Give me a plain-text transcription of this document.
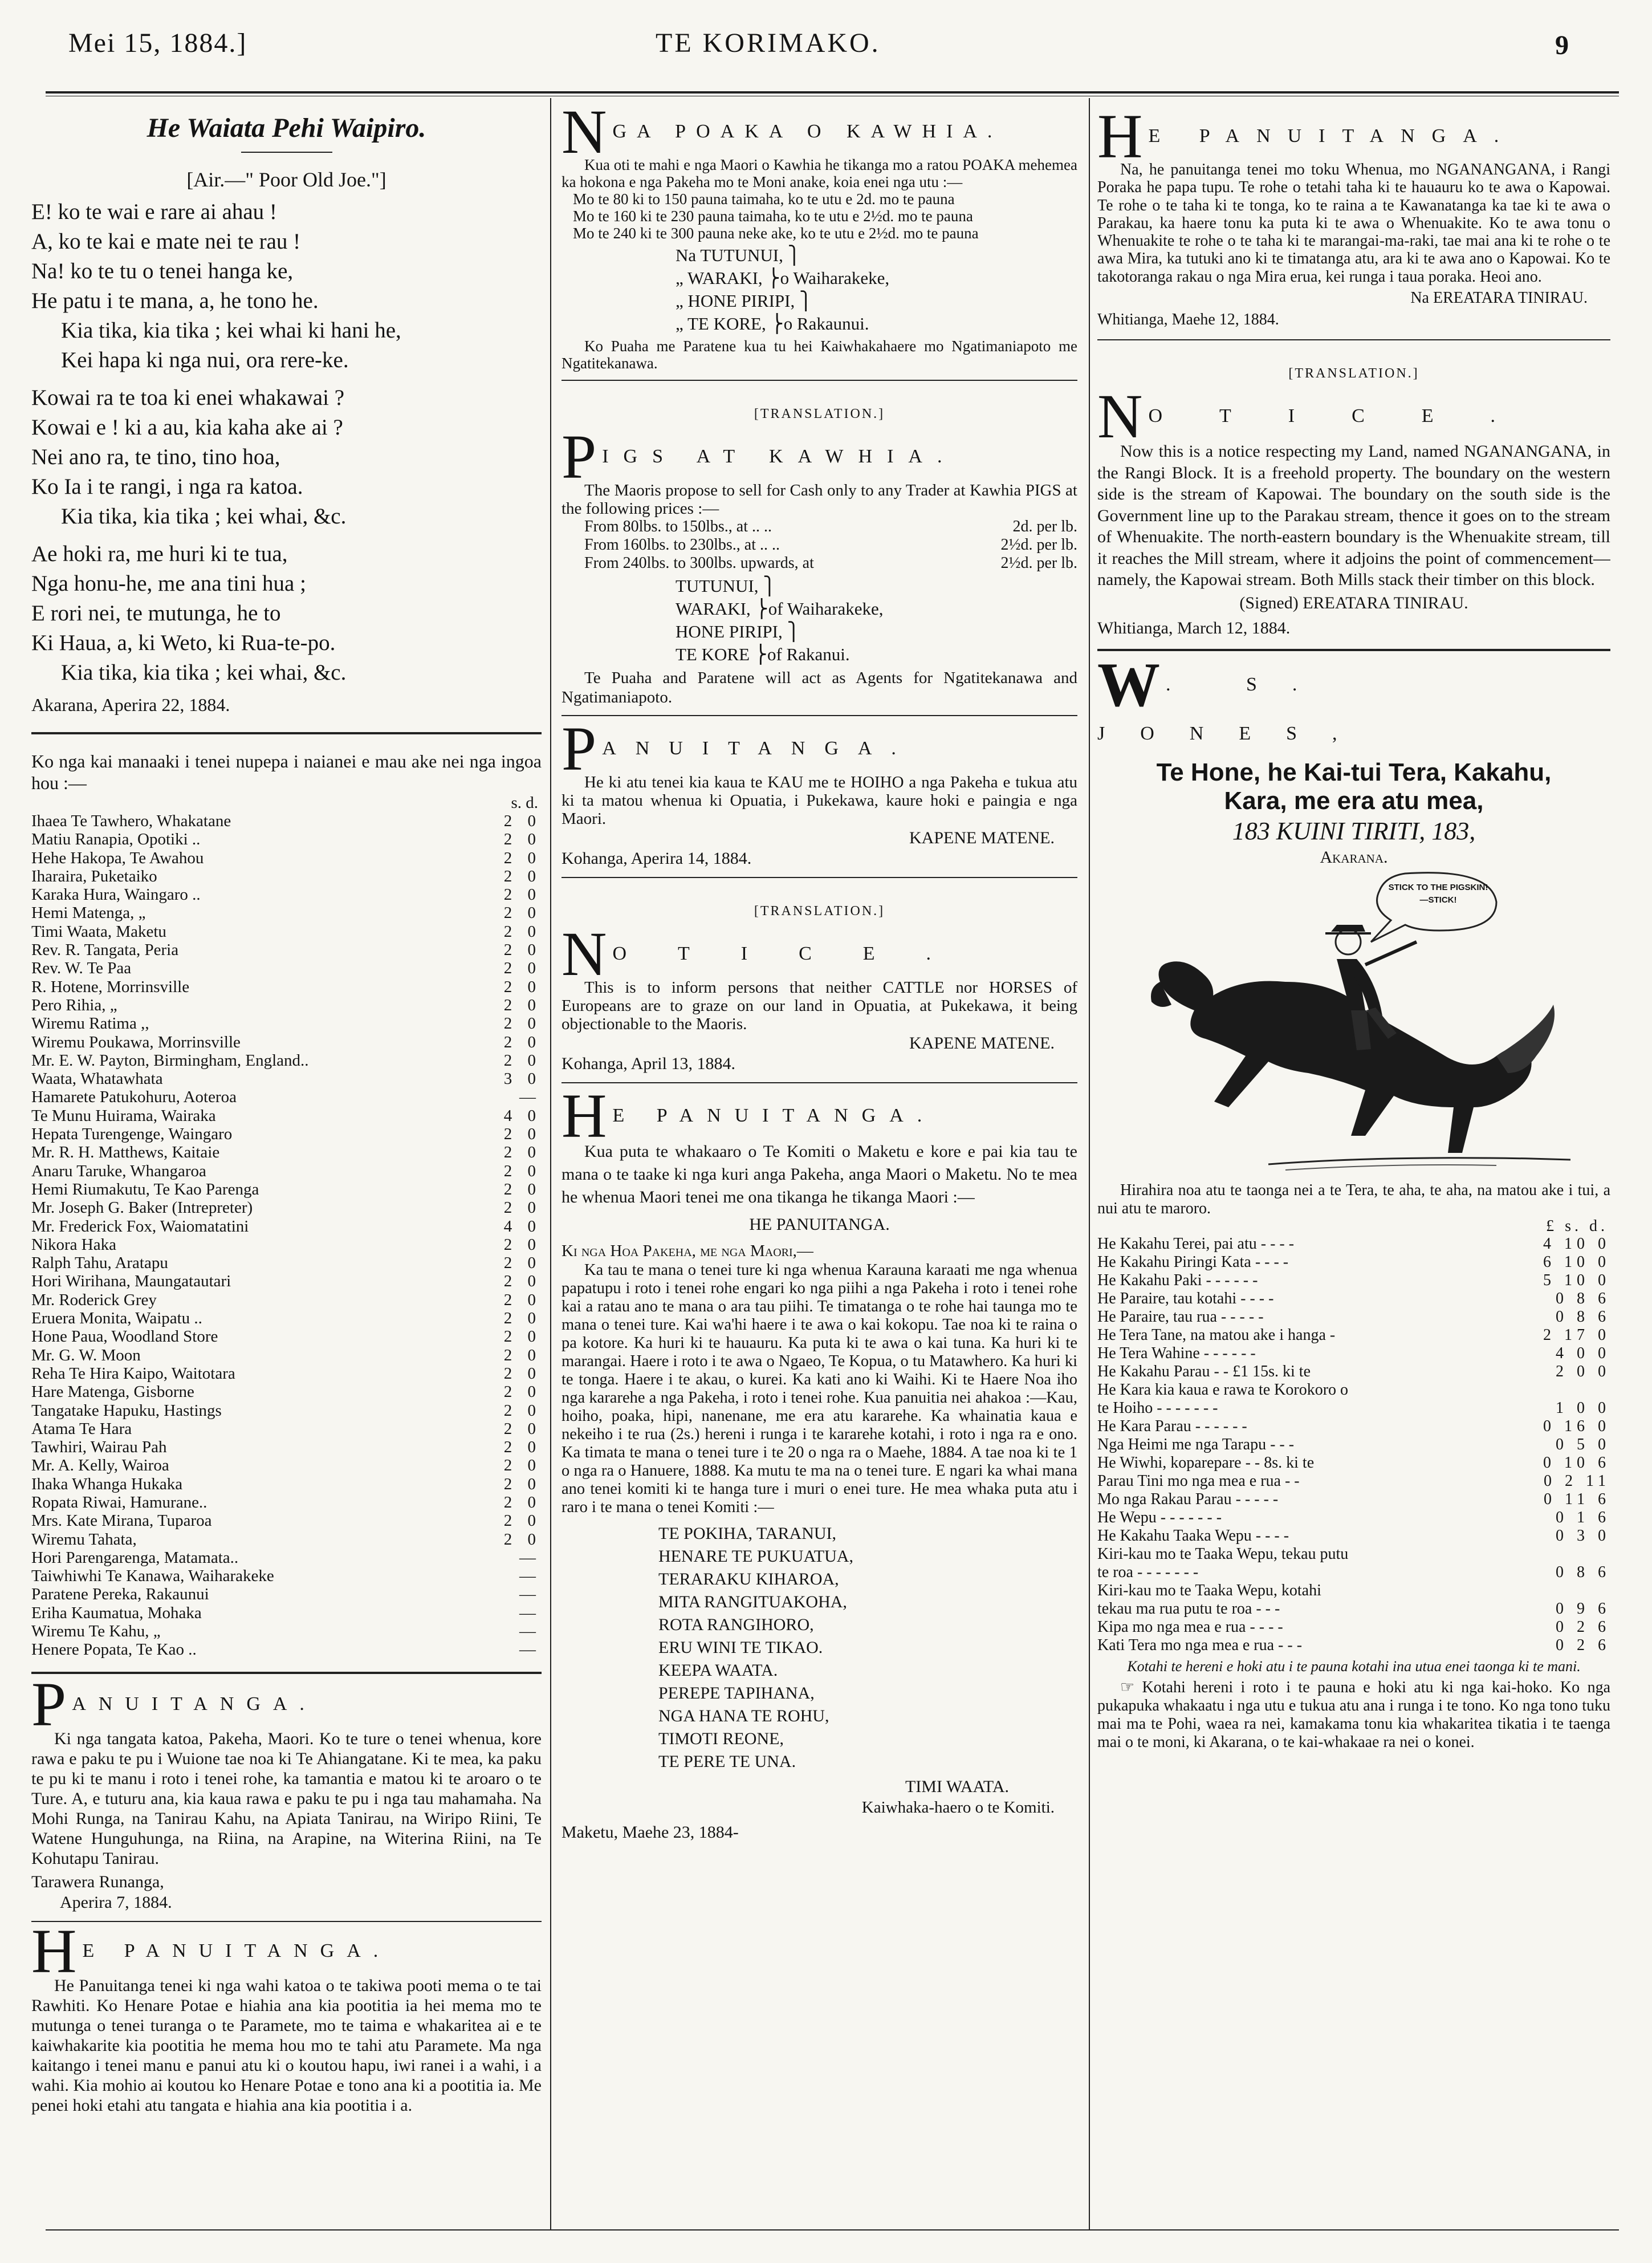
Mei 15, 1884.]	TE KORIMAKO.	9
He Waiata Pehi Waipiro.
[Air.—" Poor Old Joe."]

E! ko te wai e rare ai ahau !

A, ko te kai e mate nei te rau !

Na! ko te tu o tenei hanga ke,

He patu i te mana, a, he tono he.

Kia tika, kia tika ; kei whai ki hani he,

Kei hapa ki nga nui, ora rere-ke.

Kowai ra te toa ki enei whakawai ?

Kowai e ! ki a au, kia kaha ake ai ?

Nei ano ra, te tino, tino hoa,

Ko Ia i te rangi, i nga ra katoa.

Kia tika, kia tika ; kei whai, &c.

Ae hoki ra, me huri ki te tua,

Nga honu-he, me ana tini hua ;

E rori nei, te mutunga, he to

Ki Haua, a, ki Weto, ki Rua-te-po.

Kia tika, kia tika ; kei whai, &c.

Akarana, Aperira 22, 1884.
Ko nga kai manaaki i tenei nupepa i naianei e mau ake nei nga ingoa hou :—
s. d.
Ihaea Te Tawhero, Whakatane	2 0
Matiu Ranapia, Opotiki ..	2 0
Hehe Hakopa, Te Awahou	2 0
Iharaira, Puketaiko	2 0
Karaka Hura, Waingaro ..	2 0
Hemi Matenga, „	2 0
Timi Waata, Maketu	2 0
Rev. R. Tangata, Peria	2 0
Rev. W. Te Paa	2 0
R. Hotene, Morrinsville	2 0
Pero Rihia, „	2 0
Wiremu Ratima ,,	2 0
Wiremu Poukawa, Morrinsville	2 0
Mr. E. W. Payton, Birmingham, England..	2 0
Waata, Whatawhata	3 0
Hamarete Patukohuru, Aoteroa	—
Te Munu Huirama, Wairaka	4 0
Hepata Turengenge, Waingaro	2 0
Mr. R. H. Matthews, Kaitaie	2 0
Anaru Taruke, Whangaroa	2 0
Hemi Riumakutu, Te Kao Parenga	2 0
Mr. Joseph G. Baker (Intrepreter)	2 0
Mr. Frederick Fox, Waiomatatini	4 0
Nikora Haka	2 0
Ralph Tahu, Aratapu	2 0
Hori Wirihana, Maungatautari	2 0
Mr. Roderick Grey	2 0
Eruera Monita, Waipatu ..	2 0
Hone Paua, Woodland Store	2 0
Mr. G. W. Moon	2 0
Reha Te Hira Kaipo, Waitotara	2 0
Hare Matenga, Gisborne	2 0
Tangatake Hapuku, Hastings	2 0
Atama Te Hara	2 0
Tawhiri, Wairau Pah	2 0
Mr. A. Kelly, Wairoa	2 0
Ihaka Whanga Hukaka	2 0
Ropata Riwai, Hamurane..	2 0
Mrs. Kate Mirana, Tuparoa	2 0
Wiremu Tahata,	2 0
Hori Parengarenga, Matamata..	—
Taiwhiwhi Te Kanawa, Waiharakeke	—
Paratene Pereka, Rakaunui	—
Eriha Kaumatua, Mohaka	—
Wiremu Te Kahu, „	—
Henere Popata, Te Kao ..	—
P ANUITANGA.

Ki nga tangata katoa, Pakeha, Maori. Ko te ture o tenei whenua, kore rawa e paku te pu i Wuione tae noa ki Te Ahiangatane. Ki te mea, ka paku te pu ki te manu i roto i tenei rohe, ka tamantia e matou ki te aroaro o te Ture. A, e tuturu ana, kia kaua rawa e paku te pu i nga tau mahamaha. Na Mohi Runga, na Tanirau Kahu, na Apiata Tanirau, na Wiripo Riini, Te Watene Hunguhunga, na Riina, na Arapine, na Witerina Riini, na Te Kohutapu Tanirau.

Tarawera Runanga,

Aperira 7, 1884.

H E PANUITANGA.

He Panuitanga tenei ki nga wahi katoa o te takiwa pooti mema o te tai Rawhiti. Ko Henare Potae e hiahia ana kia pootitia ia hei mema mo te mutunga o tenei turanga o te Paramete, mo te taima e whakaritea ai e te kaiwhakarite kia pootitia he mema hou mo te tahi atu Paramete. Ma nga kaitango i tenei manu e panui atu ki o koutou hapu, iwi ranei i a wahi, i a wahi. Kia mohio ai koutou ko Henare Potae e tono ana ki a pootitia ia. Me penei hoki etahi atu tangata e hiahia ana kia pootitia i a.

N GA POAKA O KAWHIA.

Kua oti te mahi e nga Maori o Kawhia he tikanga mo a ratou POAKA mehemea ka hokona e nga Pakeha mo te Moni anake, koia enei nga utu :—

Mo te 80 ki to 150 pauna taimaha, ko te utu e 2d. mo te pauna

Mo te 160 ki te 230 pauna taimaha, ko te utu e 2½d. mo te pauna

Mo te 240 ki te 300 pauna neke ake, ko te utu e 2½d. mo te pauna

Na TUTUNUI, ⎫

„ WARAKI, ⎬o Waiharakeke,

„ HONE PIRIPI, ⎫

„ TE KORE, ⎬o Rakaunui.

Ko Puaha me Paratene kua tu hei Kaiwhakahaere mo Ngatimaniapoto me Ngatitekanawa.

[TRANSLATION.]
P IGS AT KAWHIA.

The Maoris propose to sell for Cash only to any Trader at Kawhia PIGS at the following prices :—

From 80lbs. to 150lbs., at .. ..	2d. per lb.
From 160lbs. to 230lbs., at .. ..	2½d. per lb.
From 240lbs. to 300lbs. upwards, at	2½d. per lb.

TUTUNUI, ⎫

WARAKI, ⎬of Waiharakeke,

HONE PIRIPI, ⎫

TE KORE ⎬of Rakanui.

Te Puaha and Paratene will act as Agents for Ngatitekanawa and Ngatimaniapoto.

P ANUITANGA.

He ki atu tenei kia kaua te KAU me te HOIHO a nga Pakeha e tukua atu ki ta matou whenua ki Opuatia, i Pukekawa, kaure hoki e paingia e nga Maori.

KAPENE MATENE.

Kohanga, Aperira 14, 1884.

[TRANSLATION.]
N OTICE.

This is to inform persons that neither CATTLE nor HORSES of Europeans are to graze on our land in Opuatia, at Pukekawa, it being objectionable to the Maoris.

KAPENE MATENE.

Kohanga, April 13, 1884.

H E PANUITANGA.

Kua puta te whakaaro o Te Komiti o Maketu e kore e pai kia tau te mana o te taake ki nga kuri anga Pakeha, anga Maori o Maketu. No te mea he whenua Maori tenei me ona tikanga he tikanga Maori :—

HE PANUITANGA.

Ki nga Hoa Pakeha, me nga Maori,—

Ka tau te mana o tenei ture ki nga whenua Karauna karaati me nga whenua papatupu i roto i tenei rohe engari ko nga piihi a nga Pakeha i roto i tenei rohe kai a ratau ano te mana o ara tau piihi. Te timatanga o te rohe hai taunga mo te mana o tenei ture. Kai wa'hi haere i te awa o kai kokopu. Tae noa ki te raina o pa kotore. Ka huri ki te hauauru. Ka puta ki te awa o kai tuna. Ka huri ki te marangai. Haere i roto i te awa o Ngaeo, Te Kopua, o tu Matawhero. Ka huri ki te tonga. Haere i te akau, o kurei. Ka kati ano ki Waihi. Ki te Haere Noa iho nga kararehe a nga Pakeha, i roto i tenei rohe. Kua panuitia nei ahakoa :—Kau, hoiho, poaka, hipi, nanenane, me era atu kararehe. Ka whainatia kaua e nekeiho i te rua (2s.) hereni i runga i te kararehe kotahi, i roto i nga ra e ono. Ka timata te mana o tenei ture i te 20 o nga ra o Maehe, 1884. A tae noa ki te 1 o nga ra o Hanuere, 1888. Ka mutu te ma na o tenei ture. E ngari ka whai mana ano tenei komiti ki te hanga ture i muri o enei ture. He mea whaka puta atu i raro i te mana o tenei Komiti :—

TE POKIHA, TARANUI,

HENARE TE PUKUATUA,

TERARAKU KIHAROA,

MITA RANGITUAKOHA,

ROTA RANGIHORO,

ERU WINI TE TIKAO.

KEEPA WAATA.

PEREPE TAPIHANA,

NGA HANA TE ROHU,

TIMOTI REONE,

TE PERE TE UNA.

TIMI WAATA.

Kaiwhaka-haero o te Komiti.

Maketu, Maehe 23, 1884-

H E PANUITANGA.

Na, he panuitanga tenei mo toku Whenua, mo NGANANGANA, i Rangi Poraka he papa tupu. Te rohe o tetahi taha ki te hauauru ko te awa o Kapowai. Te rohe o te taha ki te tonga, ko te raina a te Kawanatanga ka tae ki te awa o Parakau, ka haere tonu ka puta ki te awa o Whenuakite. Ko te awa tonu o Whenuakite te rohe o te taha ki te marangai-ma-raki, tae mai ana ki te rohe o te awa Mira, ka tutuki ano ki te timatanga atu, ara ki te awa ano o Kapowai. Ko te takotoranga rakau o nga Mira erua, kei runga i taua poraka. Heoi ano.

Na EREATARA TINIRAU.

Whitianga, Maehe 12, 1884.

[TRANSLATION.]
N OTICE.

Now this is a notice respecting my Land, named NGANANGANA, in the Rangi Block. It is a freehold property. The boundary on the western side is the stream of Kapowai. The boundary on the south side is the Government line up to the Parakau stream, thence it goes on to the stream of Whenuakite. The north-eastern boundary is the Whenuakite stream, till it reaches the Mill stream, where it adjoins the point of commencement—namely, the Kapowai stream. Both Mills stack their timber on this block.

(Signed) EREATARA TINIRAU.

Whitianga, March 12, 1884.

W . S. JONES,
Te Hone, he Kai-tui Tera, Kakahu,
Kara, me era atu mea,
183 KUINI TIRITI, 183,
Akarana.
STICK TO THE PIGSKIN!—STICK!

Hirahira noa atu te taonga nei a te Tera, te aha, te aha, na matou ake i tui, a nui atu te maroro.

£ s. d.
He Kakahu Terei, pai atu - - - -	4 10 0
He Kakahu Piringi Kata - - - -	6 10 0
He Kakahu Paki - - - - - -	5 10 0
He Paraire, tau kotahi - - - -	0 8 6
He Paraire, tau rua - - - - -	0 8 6
He Tera Tane, na matou ake i hanga -	2 17 0
He Tera Wahine - - - - - -	4 0 0
He Kakahu Parau - - £1 15s. ki te	2 0 0
He Kara kia kaua e rawa te Korokoro o
te Hoiho - - - - - - -	1 0 0
He Kara Parau - - - - - -	0 16 0
Nga Heimi me nga Tarapu - - -	0 5 0
He Wiwhi, koparepare - - 8s. ki te	0 10 6
Parau Tini mo nga mea e rua - -	0 2 11
Mo nga Rakau Parau - - - - -	0 11 6
He Wepu - - - - - - -	0 1 6
He Kakahu Taaka Wepu - - - -	0 3 0
Kiri-kau mo te Taaka Wepu, tekau putu
te roa - - - - - - -	0 8 6
Kiri-kau mo te Taaka Wepu, kotahi
tekau ma rua putu te roa - - -	0 9 6
Kipa mo nga mea e rua - - - -	0 2 6
Kati Tera mo nga mea e rua - - -	0 2 6

Kotahi te hereni e hoki atu i te pauna kotahi ina utua enei taonga ki te mani.

☞ Kotahi hereni i roto i te pauna e hoki atu ki nga kai-hoko. Ko nga pukapuka whakaatu i nga utu e tukua atu ana i runga i te tono. Ko nga tono tuku mai ma te Pohi, waea ra nei, kamakama tonu kia whakaritea tikatia i te taenga mai o te moni, ki Akarana, o te kai-whakaae ra nei o konei.
